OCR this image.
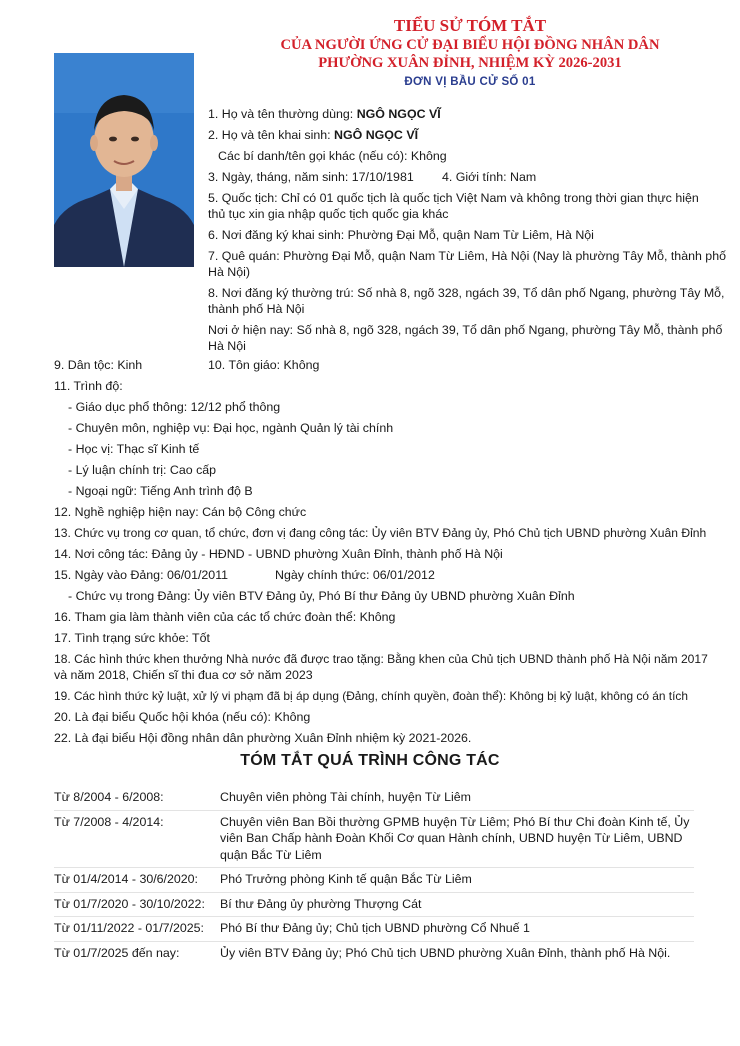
TIỂU SỬ TÓM TẮT
CỦA NGƯỜI ỨNG CỬ ĐẠI BIỂU HỘI ĐỒNG NHÂN DÂN
PHƯỜNG XUÂN ĐỈNH, NHIỆM KỲ 2026-2031
ĐƠN VỊ BẦU CỬ SỐ 01
1. Họ và tên thường dùng: NGÔ NGỌC VĨ
2. Họ và tên khai sinh: NGÔ NGỌC VĨ
Các bí danh/tên gọi khác (nếu có): Không
3. Ngày, tháng, năm sinh: 17/10/1981 4. Giới tính: Nam
5. Quốc tịch: Chỉ có 01 quốc tịch là quốc tịch Việt Nam và không trong thời gian thực hiện
thủ tục xin gia nhập quốc tịch quốc gia khác
6. Nơi đăng ký khai sinh: Phường Đại Mỗ, quận Nam Từ Liêm, Hà Nội
7. Quê quán: Phường Đại Mỗ, quận Nam Từ Liêm, Hà Nội (Nay là phường Tây Mỗ, thành phố
Hà Nội)
8. Nơi đăng ký thường trú: Số nhà 8, ngõ 328, ngách 39, Tổ dân phố Ngang, phường Tây Mỗ,
thành phố Hà Nội
Nơi ở hiện nay: Số nhà 8, ngõ 328, ngách 39, Tổ dân phố Ngang, phường Tây Mỗ, thành phố
Hà Nội
9. Dân tộc: Kinh	10. Tôn giáo: Không
11. Trình độ:
- Giáo dục phổ thông: 12/12 phổ thông
- Chuyên môn, nghiệp vụ: Đại học, ngành Quản lý tài chính
- Học vị: Thạc sĩ Kinh tế
- Lý luận chính trị: Cao cấp
- Ngoại ngữ: Tiếng Anh trình độ B
12. Nghề nghiệp hiện nay: Cán bộ Công chức
13. Chức vụ trong cơ quan, tổ chức, đơn vị đang công tác: Ủy viên BTV Đảng ủy, Phó Chủ tịch UBND phường Xuân Đỉnh
14. Nơi công tác: Đảng ủy - HĐND - UBND phường Xuân Đỉnh, thành phố Hà Nội
15. Ngày vào Đảng: 06/01/2011	Ngày chính thức: 06/01/2012
- Chức vụ trong Đảng: Ủy viên BTV Đảng ủy, Phó Bí thư Đảng ủy UBND phường Xuân Đỉnh
16. Tham gia làm thành viên của các tổ chức đoàn thể: Không
17. Tình trạng sức khỏe: Tốt
18. Các hình thức khen thưởng Nhà nước đã được trao tặng: Bằng khen của Chủ tịch UBND thành phố Hà Nội năm 2017
và năm 2018, Chiến sĩ thi đua cơ sở năm 2023
19. Các hình thức kỷ luật, xử lý vi phạm đã bị áp dụng (Đảng, chính quyền, đoàn thể): Không bị kỷ luật, không có án tích
20. Là đại biểu Quốc hội khóa (nếu có): Không
22. Là đại biểu Hội đồng nhân dân phường Xuân Đỉnh nhiệm kỳ 2021-2026.
TÓM TẮT QUÁ TRÌNH CÔNG TÁC
Từ 8/2004 - 6/2008:	Chuyên viên phòng Tài chính, huyện Từ Liêm
Từ 7/2008 - 4/2014:	Chuyên viên Ban Bồi thường GPMB huyện Từ Liêm; Phó Bí thư Chi đoàn Kinh tế, Ủy viên Ban Chấp hành Đoàn Khối Cơ quan Hành chính, UBND huyện Từ Liêm, UBND quận Bắc Từ Liêm
Từ 01/4/2014 - 30/6/2020:	Phó Trưởng phòng Kinh tế quận Bắc Từ Liêm
Từ 01/7/2020 - 30/10/2022:	Bí thư Đảng ủy phường Thượng Cát
Từ 01/11/2022 - 01/7/2025:	Phó Bí thư Đảng ủy; Chủ tịch UBND phường Cổ Nhuế 1
Từ 01/7/2025 đến nay:	Ủy viên BTV Đảng ủy; Phó Chủ tịch UBND phường Xuân Đỉnh, thành phố Hà Nội.
